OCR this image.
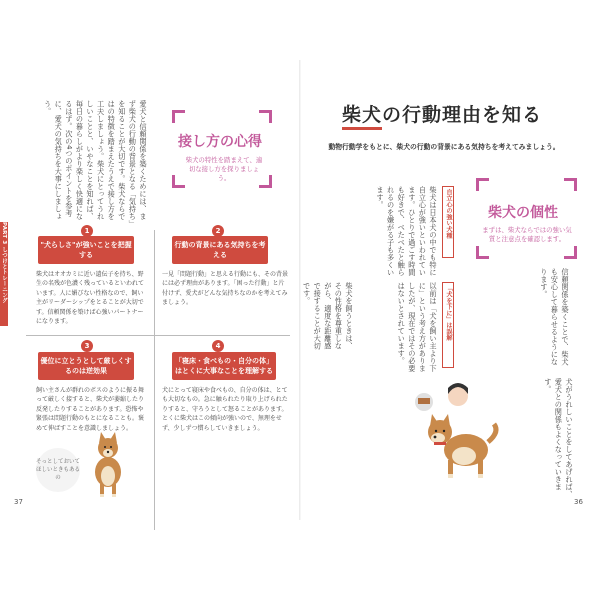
愛犬と信頼関係を築くためには、まず柴犬の行動の背景となる「気持ち」を知ることが大切です。柴犬ならではの特徴を踏まえたうえで接し方を工夫しましょう。柴犬にとってうれしいことと、いやなことを知れば、毎日の暮らしがより楽しく快適になるはず。次の4つのポイントを参考に、愛犬の気持ちを大事にしましょう。
接し方の心得
柴犬の特性を踏まえて、適切な接し方を探りましょう。
1
"犬らしさ"が強いことを把握する
柴犬はオオカミに近い遺伝子を持ち、野生の名残が色濃く残っているといわれています。人に媚びない性格なので、飼い主がリーダーシップをとることが大切です。信頼関係を築けば心強いパートナーになります。
2
行動の背景にある気持ちを考える
一見「問題行動」と思える行動にも、その背景には必ず理由があります。「困った行動」と片付けず、愛犬がどんな気持ちなのかを考えてみましょう。
3
優位に立とうとして厳しくするのは逆効果
飼い主さんが群れのボスのように振る舞って厳しく接すると、柴犬が萎縮したり反発したりすることがあります。恐怖や緊張は問題行動のもとになることも。褒めて伸ばすことを意識しましょう。
4
「寝床・食べもの・自分の体」はとくに大事なことを理解する
犬にとって寝床や食べもの、自分の体は、とても大切なもの。急に触られたり取り上げられたりすると、守ろうとして怒ることがあります。とくに柴犬はこの傾向が強いので、無理をせず、少しずつ慣らしていきましょう。
そっとしておいてほしいときもあるの
PART 3 しつけとトレーニング
37
柴犬の行動理由を知る
動物行動学をもとに、柴犬の行動の背景にある気持ちを考えてみましょう。
柴犬の個性
まずは、柴犬ならではの強い気質と注意点を確認します。
自立心の強い犬種
柴犬は日本犬の中でも特に自立心が強いといわれています。ひとりで過ごす時間も好きで、べたべたと触られるのを嫌がる子も多くいます。
柴犬を飼うときは、その性格を尊重しながら、適度な距離感で接することが大切です。	「犬を下に」は誤解
以前は「犬を飼い主より下に」という考え方がありましたが、現在ではその必要はないとされています。	信頼関係を築くことで、柴犬も安心して暮らせるようになります。
犬がうれしいことをしてあげれば、愛犬との関係もよくなっていきます。
36
